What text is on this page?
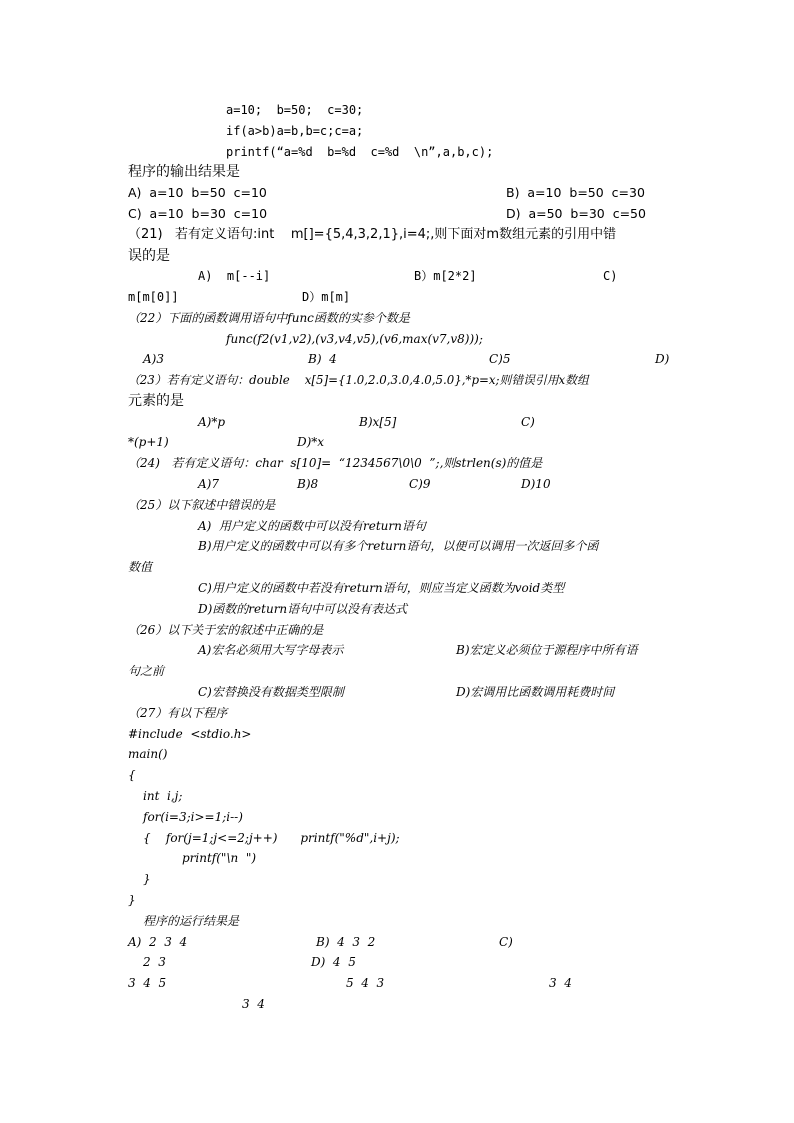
a=10;  b=50;  c=30;
if(a>b)a=b,b=c;c=a;
printf(“a=%d  b=%d  c=%d  \n”,a,b,c);
程序的输出结果是
A)  a=10  b=50  c=10	B)  a=10  b=50  c=30
C)  a=10  b=30  c=10	D)  a=50  b=30  c=50
（21)   若有定义语句:int    m[]={5,4,3,2,1},i=4;,则下面对m数组元素的引用中错
误的是
A)  m[--i]	B）m[2*2]	C)
m[m[0]]	D）m[m]
（22）下面的函数调用语句中func函数的实参个数是
func(f2(v1,v2),(v3,v4,v5),(v6,max(v7,v8)));
A)3	B)  4	C)5	D)
（23）若有定义语句：double    x[5]={1.0,2.0,3.0,4.0,5.0},*p=x;则错误引用x数组
元素的是
A)*p	B)x[5]	C)
*(p+1)	D)*x
（24)   若有定义语句：char  s[10]=  “1234567\0\0  ”;,则strlen(s)的值是
A)7	B)8	C)9	D)10
（25）以下叙述中错误的是
A)  用户定义的函数中可以没有return语句
B)用户定义的函数中可以有多个return语句，以便可以调用一次返回多个函
数值
C)用户定义的函数中若没有return语句，则应当定义函数为void类型
D)函数的return语句中可以没有表达式
（26）以下关于宏的叙述中正确的是
A)宏名必须用大写字母表示	B)宏定义必须位于源程序中所有语
句之前
C)宏替换没有数据类型限制	D)宏调用比函数调用耗费时间
（27）有以下程序
#include  <stdio.h>
main()
{
int  i,j;
for(i=3;i>=1;i--)
{    for(j=1;j<=2;j++)      printf("%d",i+j);
printf("\n  ")
}
}
程序的运行结果是
A)  2  3  4	B)  4  3  2	C)
2  3	D)  4  5
3  4  5	5  4  3	3  4
3  4
